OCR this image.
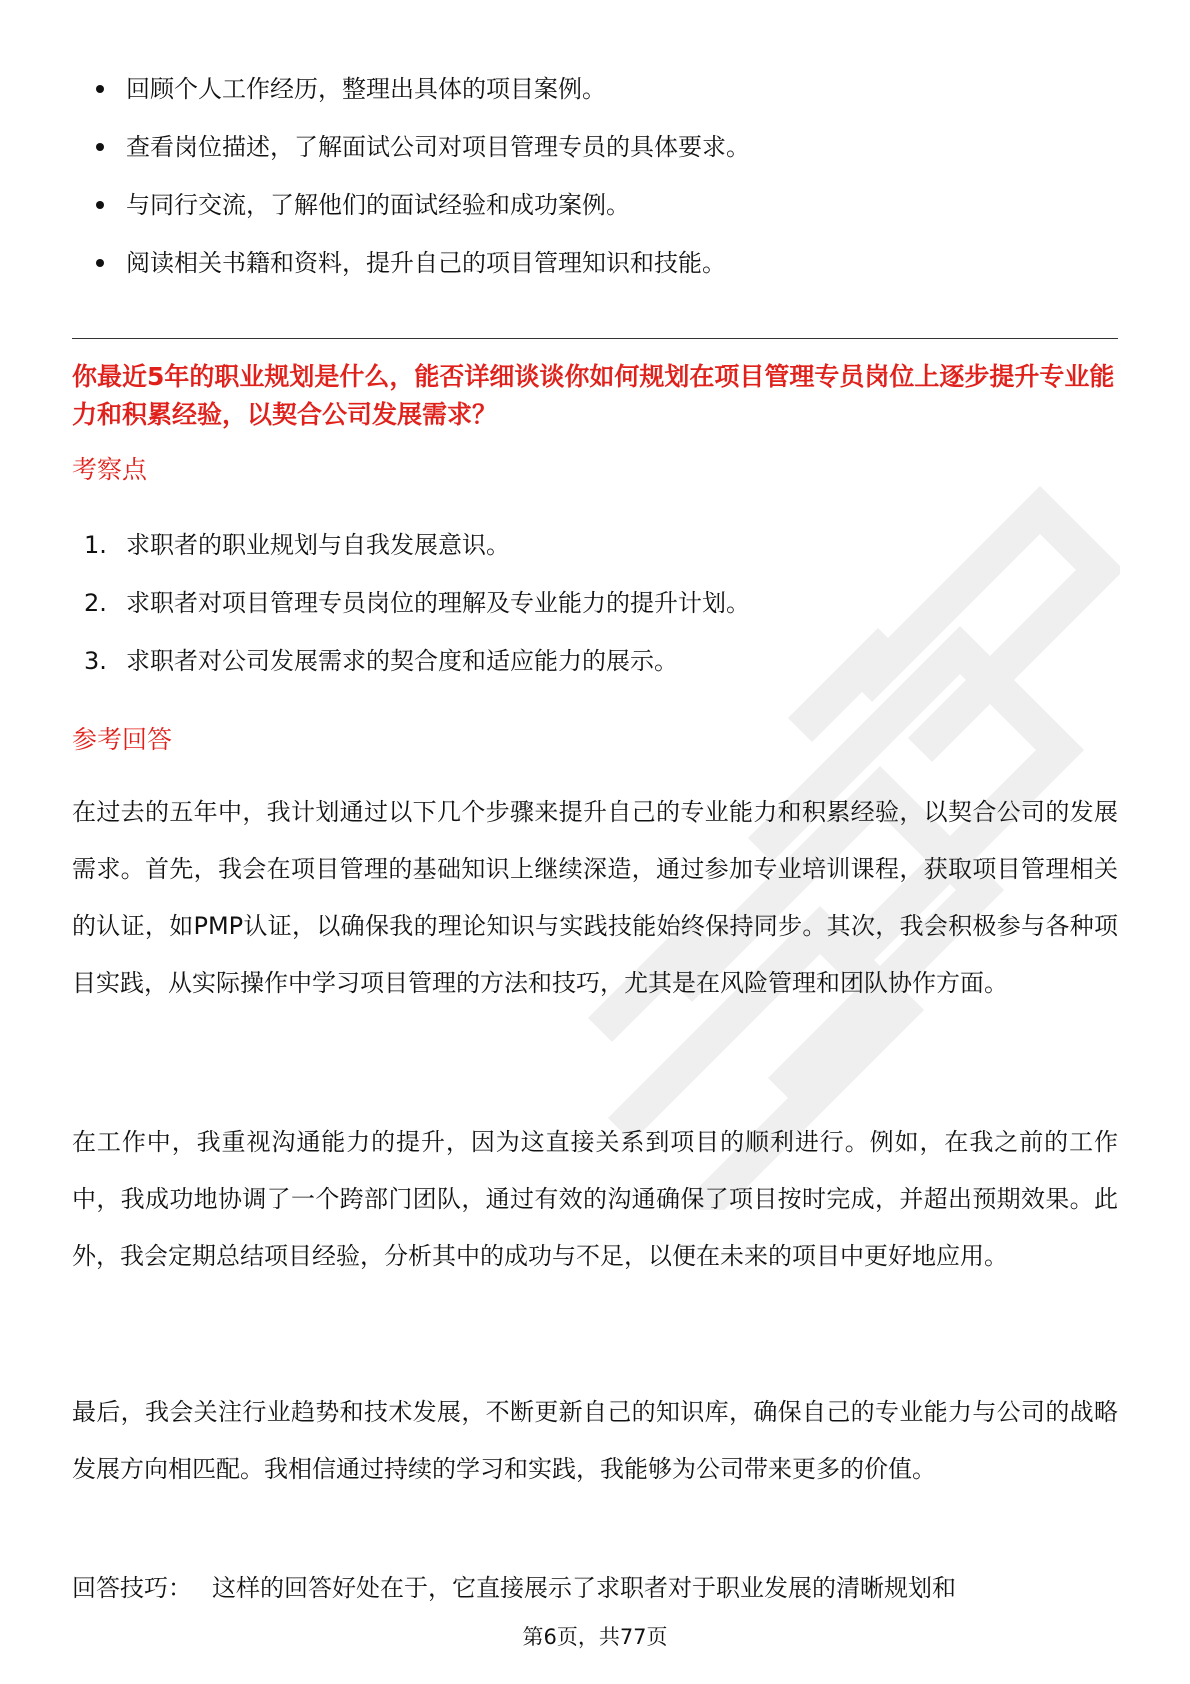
回顾个人工作经历，整理出具体的项目案例。
查看岗位描述，了解面试公司对项目管理专员的具体要求。
与同行交流，了解他们的面试经验和成功案例。
阅读相关书籍和资料，提升自己的项目管理知识和技能。
你最近5年的职业规划是什么，能否详细谈谈你如何规划在项目管理专员岗位上逐步提升专业能力和积累经验，以契合公司发展需求？
考察点
1. 求职者的职业规划与自我发展意识。
2. 求职者对项目管理专员岗位的理解及专业能力的提升计划。
3. 求职者对公司发展需求的契合度和适应能力的展示。
参考回答

在过去的五年中，我计划通过以下几个步骤来提升自己的专业能力和积累经验，以契合公司的发展需求。首先，我会在项目管理的基础知识上继续深造，通过参加专业培训课程，获取项目管理相关的认证，如PMP认证，以确保我的理论知识与实践技能始终保持同步。其次，我会积极参与各种项目实践，从实际操作中学习项目管理的方法和技巧，尤其是在风险管理和团队协作方面。

在工作中，我重视沟通能力的提升，因为这直接关系到项目的顺利进行。例如，在我之前的工作中，我成功地协调了一个跨部门团队，通过有效的沟通确保了项目按时完成，并超出预期效果。此外，我会定期总结项目经验，分析其中的成功与不足，以便在未来的项目中更好地应用。

最后，我会关注行业趋势和技术发展，不断更新自己的知识库，确保自己的专业能力与公司的战略发展方向相匹配。我相信通过持续的学习和实践，我能够为公司带来更多的价值。

回答技巧： 这样的回答好处在于，它直接展示了求职者对于职业发展的清晰规划和

第6页，共77页
